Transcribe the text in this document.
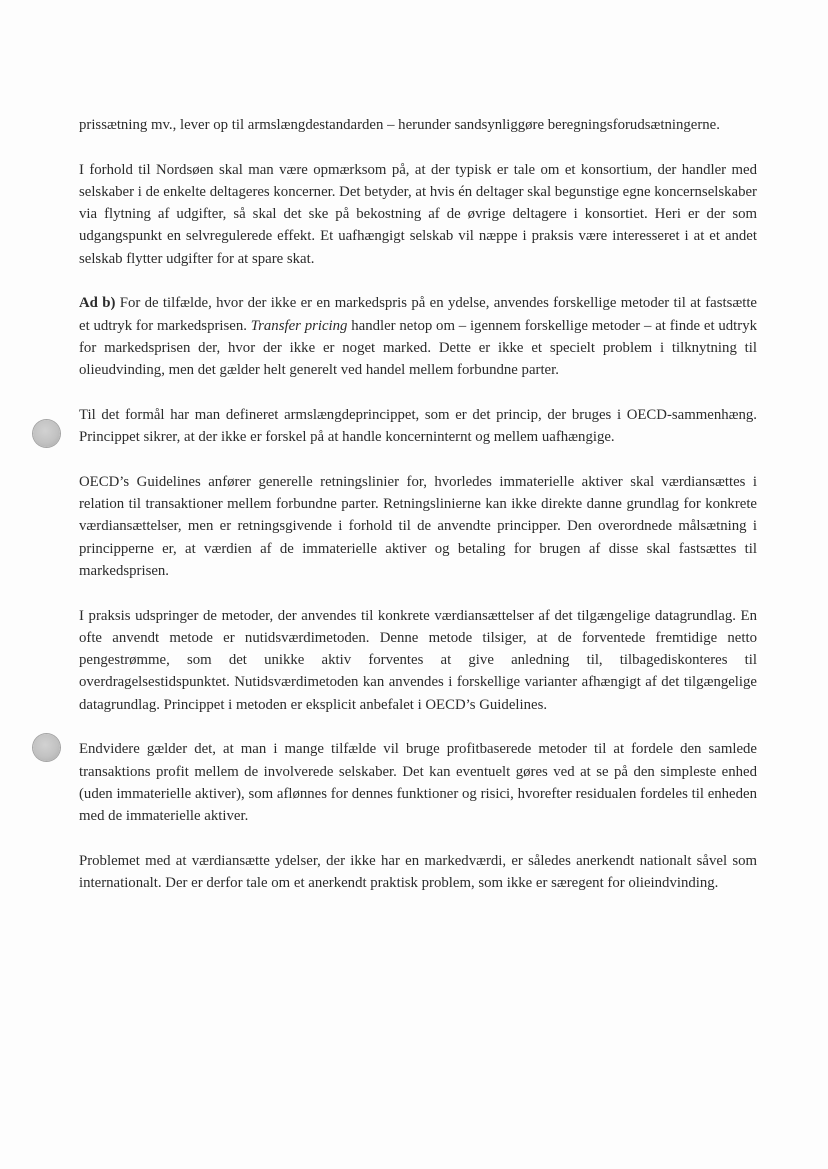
prissætning mv., lever op til armslængdestandarden – herunder sandsynliggøre beregningsforudsætningerne.

I forhold til Nordsøen skal man være opmærksom på, at der typisk er tale om et konsortium, der handler med selskaber i de enkelte deltageres koncerner. Det betyder, at hvis én deltager skal begunstige egne koncernselskaber via flytning af udgifter, så skal det ske på bekostning af de øvrige deltagere i konsortiet. Heri er der som udgangspunkt en selvregulerede effekt. Et uafhængigt selskab vil næppe i praksis være interesseret i at et andet selskab flytter udgifter for at spare skat.

Ad b) For de tilfælde, hvor der ikke er en markedspris på en ydelse, anvendes forskellige metoder til at fastsætte et udtryk for markedsprisen. Transfer pricing handler netop om – igennem forskellige metoder – at finde et udtryk for markedsprisen der, hvor der ikke er noget marked. Dette er ikke et specielt problem i tilknytning til olieudvinding, men det gælder helt generelt ved handel mellem forbundne parter.

Til det formål har man defineret armslængdeprincippet, som er det princip, der bruges i OECD-sammenhæng. Princippet sikrer, at der ikke er forskel på at handle koncerninternt og mellem uafhængige.

OECD’s Guidelines anfører generelle retningslinier for, hvorledes immaterielle aktiver skal værdiansættes i relation til transaktioner mellem forbundne parter. Retningslinierne kan ikke direkte danne grundlag for konkrete værdiansættelser, men er retningsgivende i forhold til de anvendte principper. Den overordnede målsætning i principperne er, at værdien af de immaterielle aktiver og betaling for brugen af disse skal fastsættes til markedsprisen.

I praksis udspringer de metoder, der anvendes til konkrete værdiansættelser af det tilgængelige datagrundlag. En ofte anvendt metode er nutidsværdimetoden. Denne metode tilsiger, at de forventede fremtidige netto pengestrømme, som det unikke aktiv forventes at give anledning til, tilbagediskonteres til overdragelsestidspunktet. Nutidsværdimetoden kan anvendes i forskellige varianter afhængigt af det tilgængelige datagrundlag. Princippet i metoden er eksplicit anbefalet i OECD’s Guidelines.

Endvidere gælder det, at man i mange tilfælde vil bruge profitbaserede metoder til at fordele den samlede transaktions profit mellem de involverede selskaber. Det kan eventuelt gøres ved at se på den simpleste enhed (uden immaterielle aktiver), som aflønnes for dennes funktioner og risici, hvorefter residualen fordeles til enheden med de immaterielle aktiver.

Problemet med at værdiansætte ydelser, der ikke har en markedværdi, er således anerkendt nationalt såvel som internationalt. Der er derfor tale om et anerkendt praktisk problem, som ikke er særegent for olieindvinding.
